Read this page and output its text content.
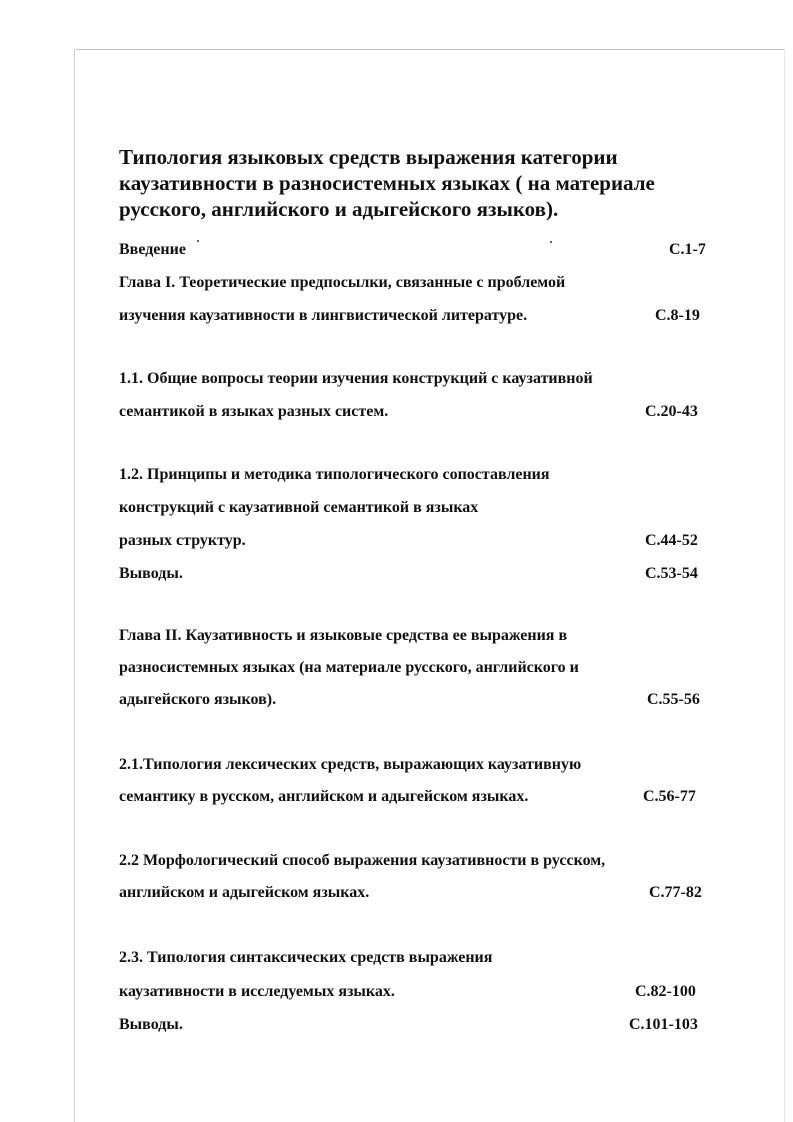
Типология языковых средств выражения категории
каузативности в разносистемных языках ( на материале
русского, английского и адыгейского языков).
Введение	С.1-7
Глава I. Теоретические предпосылки, связанные с проблемой
изучения каузативности в лингвистической литературе.	С.8-19
1.1. Общие вопросы теории изучения конструкций с каузативной
семантикой в языках разных систем.	С.20-43
1.2. Принципы и методика типологического сопоставления
конструкций с каузативной семантикой в языках
разных структур.	С.44-52
Выводы.	С.53-54
Глава II. Каузативность и языковые средства ее выражения в
разносистемных языках (на материале русского, английского и
адыгейского языков).	С.55-56
2.1.Типология лексических средств, выражающих каузативную
семантику в русском, английском и адыгейском языках.	С.56-77
2.2 Морфологический способ выражения каузативности в русском,
английском и адыгейском языках.	С.77-82
2.3. Типология синтаксических средств выражения
каузативности в исследуемых языках.	С.82-100
Выводы.	С.101-103
